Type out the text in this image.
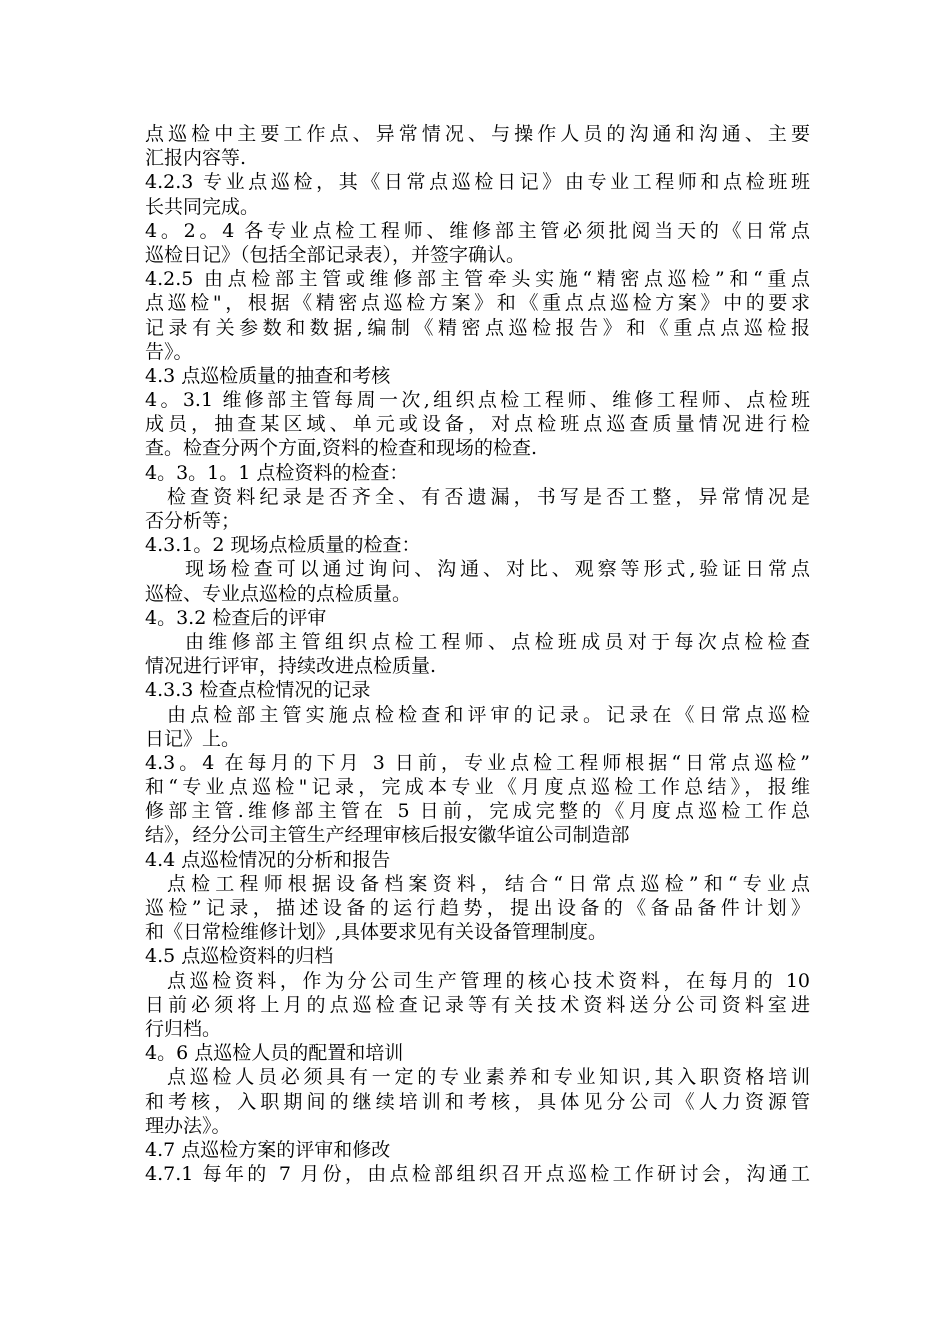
点巡检中主要工作点、异常情况、与操作人员的沟通和沟通、主要
汇报内容等.
4.2.3 专业点巡检，其《日常点巡检日记》由专业工程师和点检班班
长共同完成。
4。2。4 各专业点检工程师、维修部主管必须批阅当天的《日常点
巡检日记》（包括全部记录表），并签字确认。
4.2.5 由点检部主管或维修部主管牵头实施“精密点巡检”和“重点
点巡检"，根据《精密点巡检方案》和《重点点巡检方案》中的要求
记录有关参数和数据,编制《精密点巡检报告》和《重点点巡检报
告》。
4.3 点巡检质量的抽查和考核
4。3.1 维修部主管每周一次,组织点检工程师、维修工程师、点检班
成员，抽查某区域、单元或设备，对点检班点巡查质量情况进行检
查。检查分两个方面,资料的检查和现场的检查.
4。3。1。1 点检资料的检查：
检查资料纪录是否齐全、有否遗漏，书写是否工整，异常情况是
否分析等；
4.3.1。2 现场点检质量的检查：
现场检查可以通过询问、沟通、对比、观察等形式,验证日常点
巡检、专业点巡检的点检质量。
4。3.2 检查后的评审
由维修部主管组织点检工程师、点检班成员对于每次点检检查
情况进行评审，持续改进点检质量.
4.3.3 检查点检情况的记录
由点检部主管实施点检检查和评审的记录。记录在《日常点巡检
日记》上。
4.3。4 在每月的下月 3 日前，专业点检工程师根据“日常点巡检”
和“专业点巡检"记录，完成本专业《月度点巡检工作总结》，报维
修部主管.维修部主管在 5 日前，完成完整的《月度点巡检工作总
结》，经分公司主管生产经理审核后报安徽华谊公司制造部
4.4 点巡检情况的分析和报告
点检工程师根据设备档案资料，结合“日常点巡检”和“专业点
巡检”记录，描述设备的运行趋势，提出设备的《备品备件计划》
和《日常检维修计划》,具体要求见有关设备管理制度。
4.5 点巡检资料的归档
点巡检资料，作为分公司生产管理的核心技术资料，在每月的 10
日前必须将上月的点巡检查记录等有关技术资料送分公司资料室进
行归档。
4。6 点巡检人员的配置和培训
点巡检人员必须具有一定的专业素养和专业知识,其入职资格培训
和考核，入职期间的继续培训和考核，具体见分公司《人力资源管
理办法》。
4.7 点巡检方案的评审和修改
4.7.1 每年的 7 月份，由点检部组织召开点巡检工作研讨会，沟通工
